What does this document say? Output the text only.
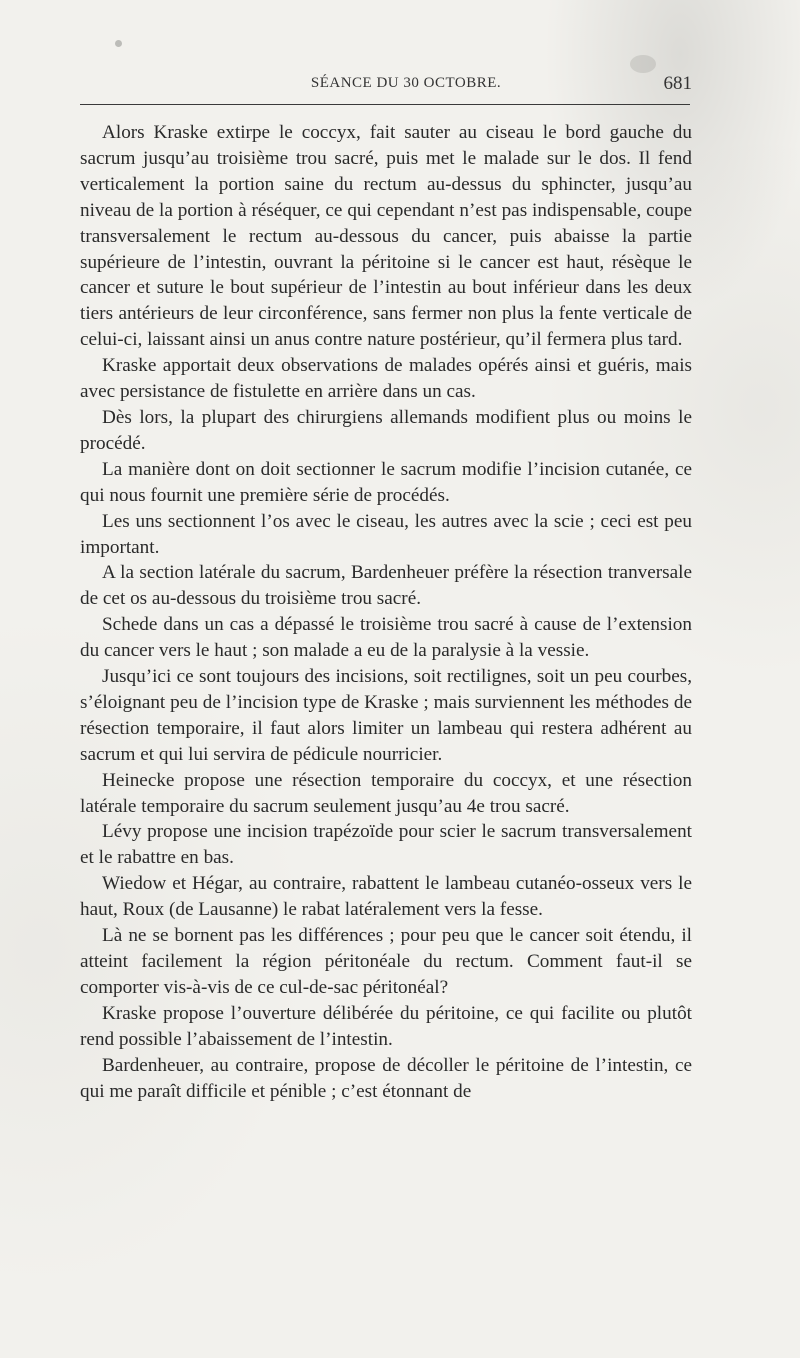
SÉANCE DU 30 OCTOBRE.	681

Alors Kraske extirpe le coccyx, fait sauter au ciseau le bord gauche du sacrum jusqu’au troisième trou sacré, puis met le malade sur le dos. Il fend verticalement la portion saine du rectum au-dessus du sphincter, jusqu’au niveau de la portion à réséquer, ce qui cependant n’est pas indispensable, coupe transversalement le rectum au-dessous du cancer, puis abaisse la partie supérieure de l’intestin, ouvrant la péritoine si le cancer est haut, résèque le cancer et suture le bout supérieur de l’intestin au bout inférieur dans les deux tiers antérieurs de leur circonférence, sans fermer non plus la fente verticale de celui-ci, laissant ainsi un anus contre nature postérieur, qu’il fermera plus tard.

Kraske apportait deux observations de malades opérés ainsi et guéris, mais avec persistance de fistulette en arrière dans un cas.

Dès lors, la plupart des chirurgiens allemands modifient plus ou moins le procédé.

La manière dont on doit sectionner le sacrum modifie l’incision cutanée, ce qui nous fournit une première série de procédés.

Les uns sectionnent l’os avec le ciseau, les autres avec la scie ; ceci est peu important.

A la section latérale du sacrum, Bardenheuer préfère la résection tranversale de cet os au-dessous du troisième trou sacré.

Schede dans un cas a dépassé le troisième trou sacré à cause de l’extension du cancer vers le haut ; son malade a eu de la paralysie à la vessie.

Jusqu’ici ce sont toujours des incisions, soit rectilignes, soit un peu courbes, s’éloignant peu de l’incision type de Kraske ; mais surviennent les méthodes de résection temporaire, il faut alors limiter un lambeau qui restera adhérent au sacrum et qui lui servira de pédicule nourricier.

Heinecke propose une résection temporaire du coccyx, et une résection latérale temporaire du sacrum seulement jusqu’au 4e trou sacré.

Lévy propose une incision trapézoïde pour scier le sacrum transversalement et le rabattre en bas.

Wiedow et Hégar, au contraire, rabattent le lambeau cutanéo-osseux vers le haut, Roux (de Lausanne) le rabat latéralement vers la fesse.

Là ne se bornent pas les différences ; pour peu que le cancer soit étendu, il atteint facilement la région péritonéale du rectum. Comment faut-il se comporter vis-à-vis de ce cul-de-sac péritonéal?

Kraske propose l’ouverture délibérée du péritoine, ce qui facilite ou plutôt rend possible l’abaissement de l’intestin.

Bardenheuer, au contraire, propose de décoller le péritoine de l’intestin, ce qui me paraît difficile et pénible ; c’est étonnant de
